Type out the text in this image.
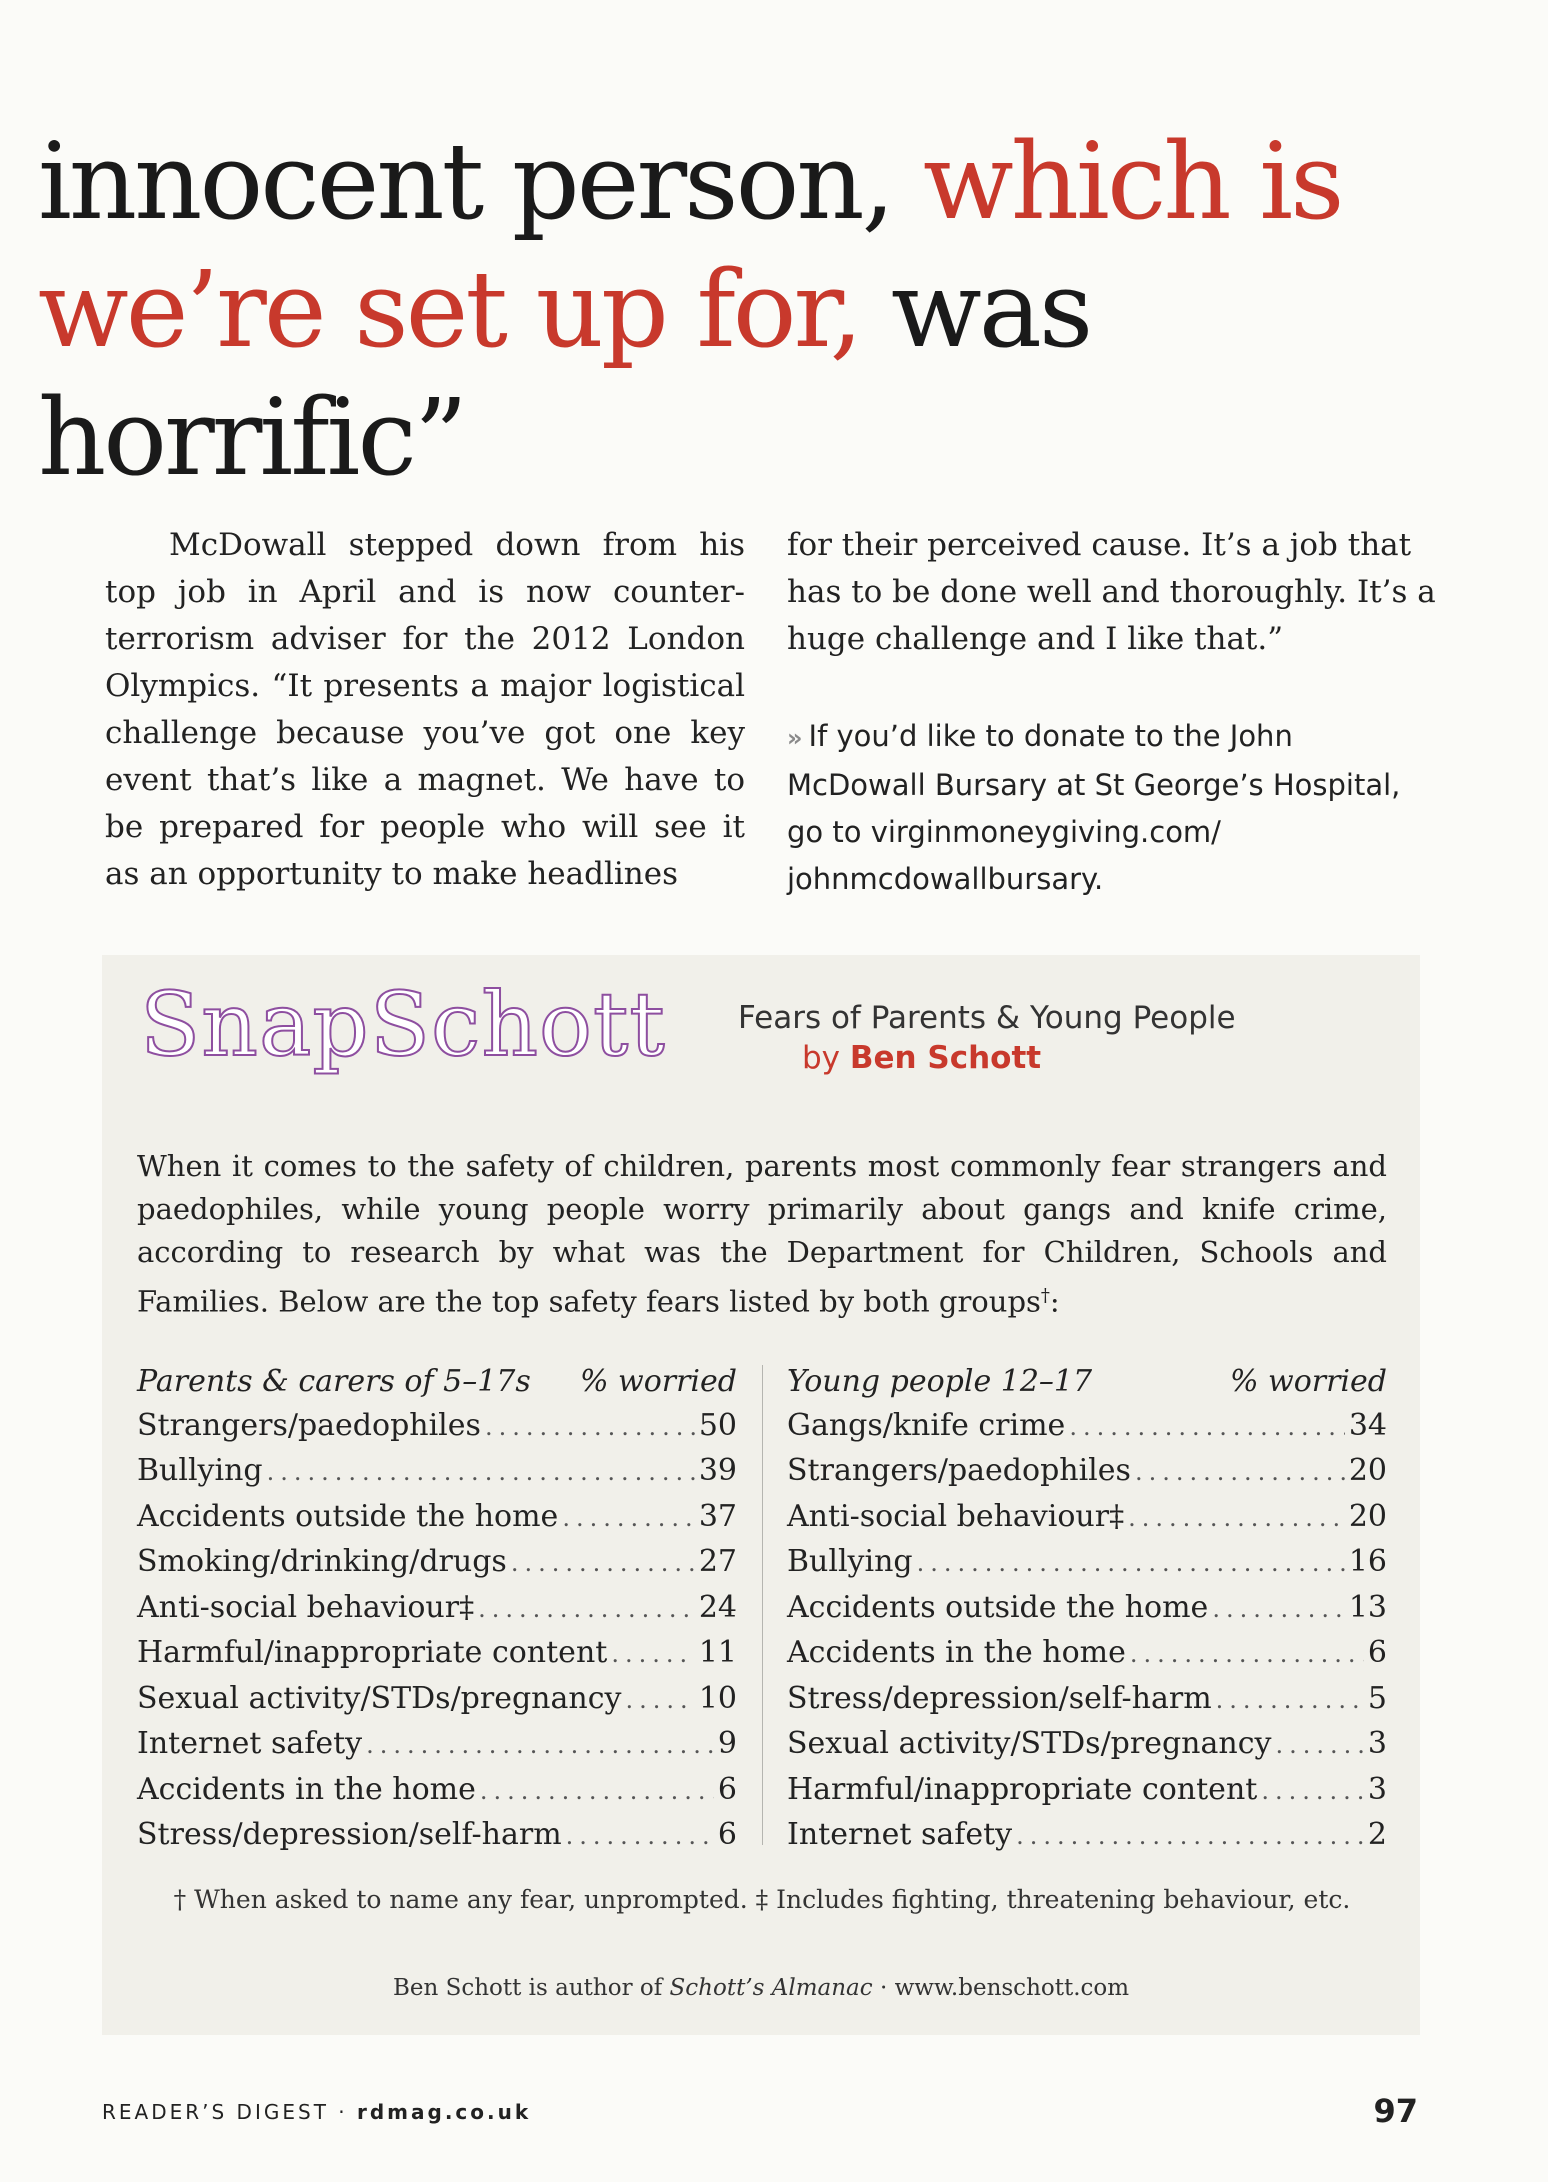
innocent person, which is
we’re set up for, was horrific”

McDowall stepped down from his top job in April and is now counter-terrorism adviser for the 2012 London Olympics. “It presents a major logistical challenge because you’ve got one key event that’s like a magnet. We have to be prepared for people who will see it as an opportunity to make headlines

for their perceived cause. It’s a job that has to be done well and thoroughly. It’s a huge challenge and I like that.”

» If you’d like to donate to the John McDowall Bursary at St George’s Hospital, go to virginmoneygiving.com/ johnmcdowallbursary.
SnapSchott Fears of Parents & Young People
by Ben Schott

When it comes to the safety of children, parents most commonly fear strangers and paedophiles, while young people worry primarily about gangs and knife crime, according to research by what was the Department for Children, Schools and Families. Below are the top safety fears listed by both groups†:

Parents & carers of 5–17s % worried
Strangers/paedophiles .....	50
Bullying .....	39
Accidents outside the home .....	37
Smoking/drinking/drugs .....	27
Anti-social behaviour‡ .....	24
Harmful/inappropriate content .....	11
Sexual activity/STDs/pregnancy .....	10
Internet safety .....	9
Accidents in the home .....	6
Stress/depression/self-harm .....	6
Young people 12–17	% worried
Gangs/knife crime .....	34
Strangers/paedophiles .....	20
Anti-social behaviour‡ .....	20
Bullying .....	16
Accidents outside the home .....	13
Accidents in the home .....	6
Stress/depression/self-harm .....	5
Sexual activity/STDs/pregnancy .....	3
Harmful/inappropriate content .....	3
Internet safety .....	2
† When asked to name any fear, unprompted. ‡ Includes fighting, threatening behaviour, etc.
Ben Schott is author of Schott’s Almanac · www.benschott.com
READER’S DIGEST · rdmag.co.uk	97
